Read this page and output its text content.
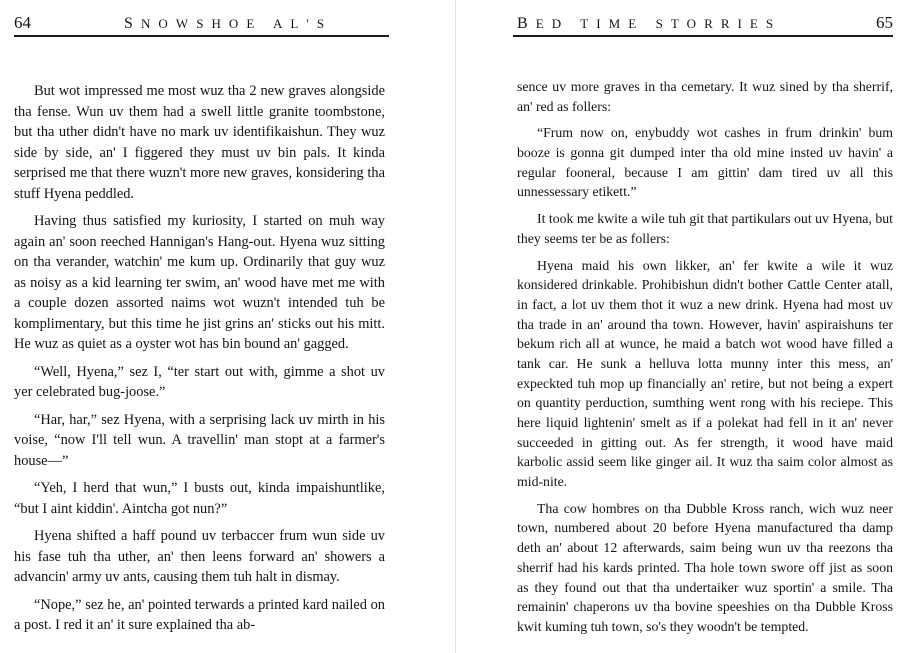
64	SNOWSHOE AL'S

But wot impressed me most wuz tha 2 new graves alongside tha fense. Wun uv them had a swell little granite toombstone, but tha uther didn't have no mark uv identifikaishun. They wuz side by side, an' I figgered they must uv bin pals. It kinda serprised me that there wuzn't more new graves, konsidering tha stuff Hyena peddled.

Having thus satisfied my kuriosity, I started on muh way again an' soon reeched Hannigan's Hang-out. Hyena wuz sitting on tha verander, watchin' me kum up. Ordinarily that guy wuz as noisy as a kid learning ter swim, an' wood have met me with a couple dozen assorted naims wot wuzn't intended tuh be komplimentary, but this time he jist grins an' sticks out his mitt. He wuz as quiet as a oyster wot has bin bound an' gagged.

“Well, Hyena,” sez I, “ter start out with, gimme a shot uv yer celebrated bug-joose.”

“Har, har,” sez Hyena, with a serprising lack uv mirth in his voise, “now I'll tell wun. A travellin' man stopt at a farmer's house—”

“Yeh, I herd that wun,” I busts out, kinda impaishuntlike, “but I aint kiddin'. Aintcha got nun?”

Hyena shifted a haff pound uv terbaccer frum wun side uv his fase tuh tha uther, an' then leens forward an' showers a advancin' army uv ants, causing them tuh halt in dismay.

“Nope,” sez he, an' pointed terwards a printed kard nailed on a post. I red it an' it sure explained tha ab-

BED TIME STORRIES	65

sence uv more graves in tha cemetary. It wuz sined by tha sherrif, an' red as follers:

“Frum now on, enybuddy wot cashes in frum drinkin' bum booze is gonna git dumped inter tha old mine insted uv havin' a regular fooneral, because I am gittin' dam tired uv all this unnessessary etikett.”

It took me kwite a wile tuh git that partikulars out uv Hyena, but they seems ter be as follers:

Hyena maid his own likker, an' fer kwite a wile it wuz konsidered drinkable. Prohibishun didn't bother Cattle Center atall, in fact, a lot uv them thot it wuz a new drink. Hyena had most uv tha trade in an' around tha town. However, havin' aspiraishuns ter bekum rich all at wunce, he maid a batch wot wood have filled a tank car. He sunk a helluva lotta munny inter this mess, an' expeckted tuh mop up financially an' retire, but not being a expert on quantity perduction, sumthing went rong with his reciepe. This here liquid lightenin' smelt as if a polekat had fell in it an' never succeeded in gitting out. As fer strength, it wood have maid karbolic assid seem like ginger ail. It wuz tha saim color almost as mid-nite.

Tha cow hombres on tha Dubble Kross ranch, wich wuz neer town, numbered about 20 before Hyena manufactured tha damp deth an' about 12 afterwards, saim being wun uv tha reezons tha sherrif had his kards printed. Tha hole town swore off jist as soon as they found out that tha undertaiker wuz sportin' a smile. Tha remainin' chaperons uv tha bovine speeshies on tha Dubble Kross kwit kuming tuh town, so's they woodn't be tempted.
